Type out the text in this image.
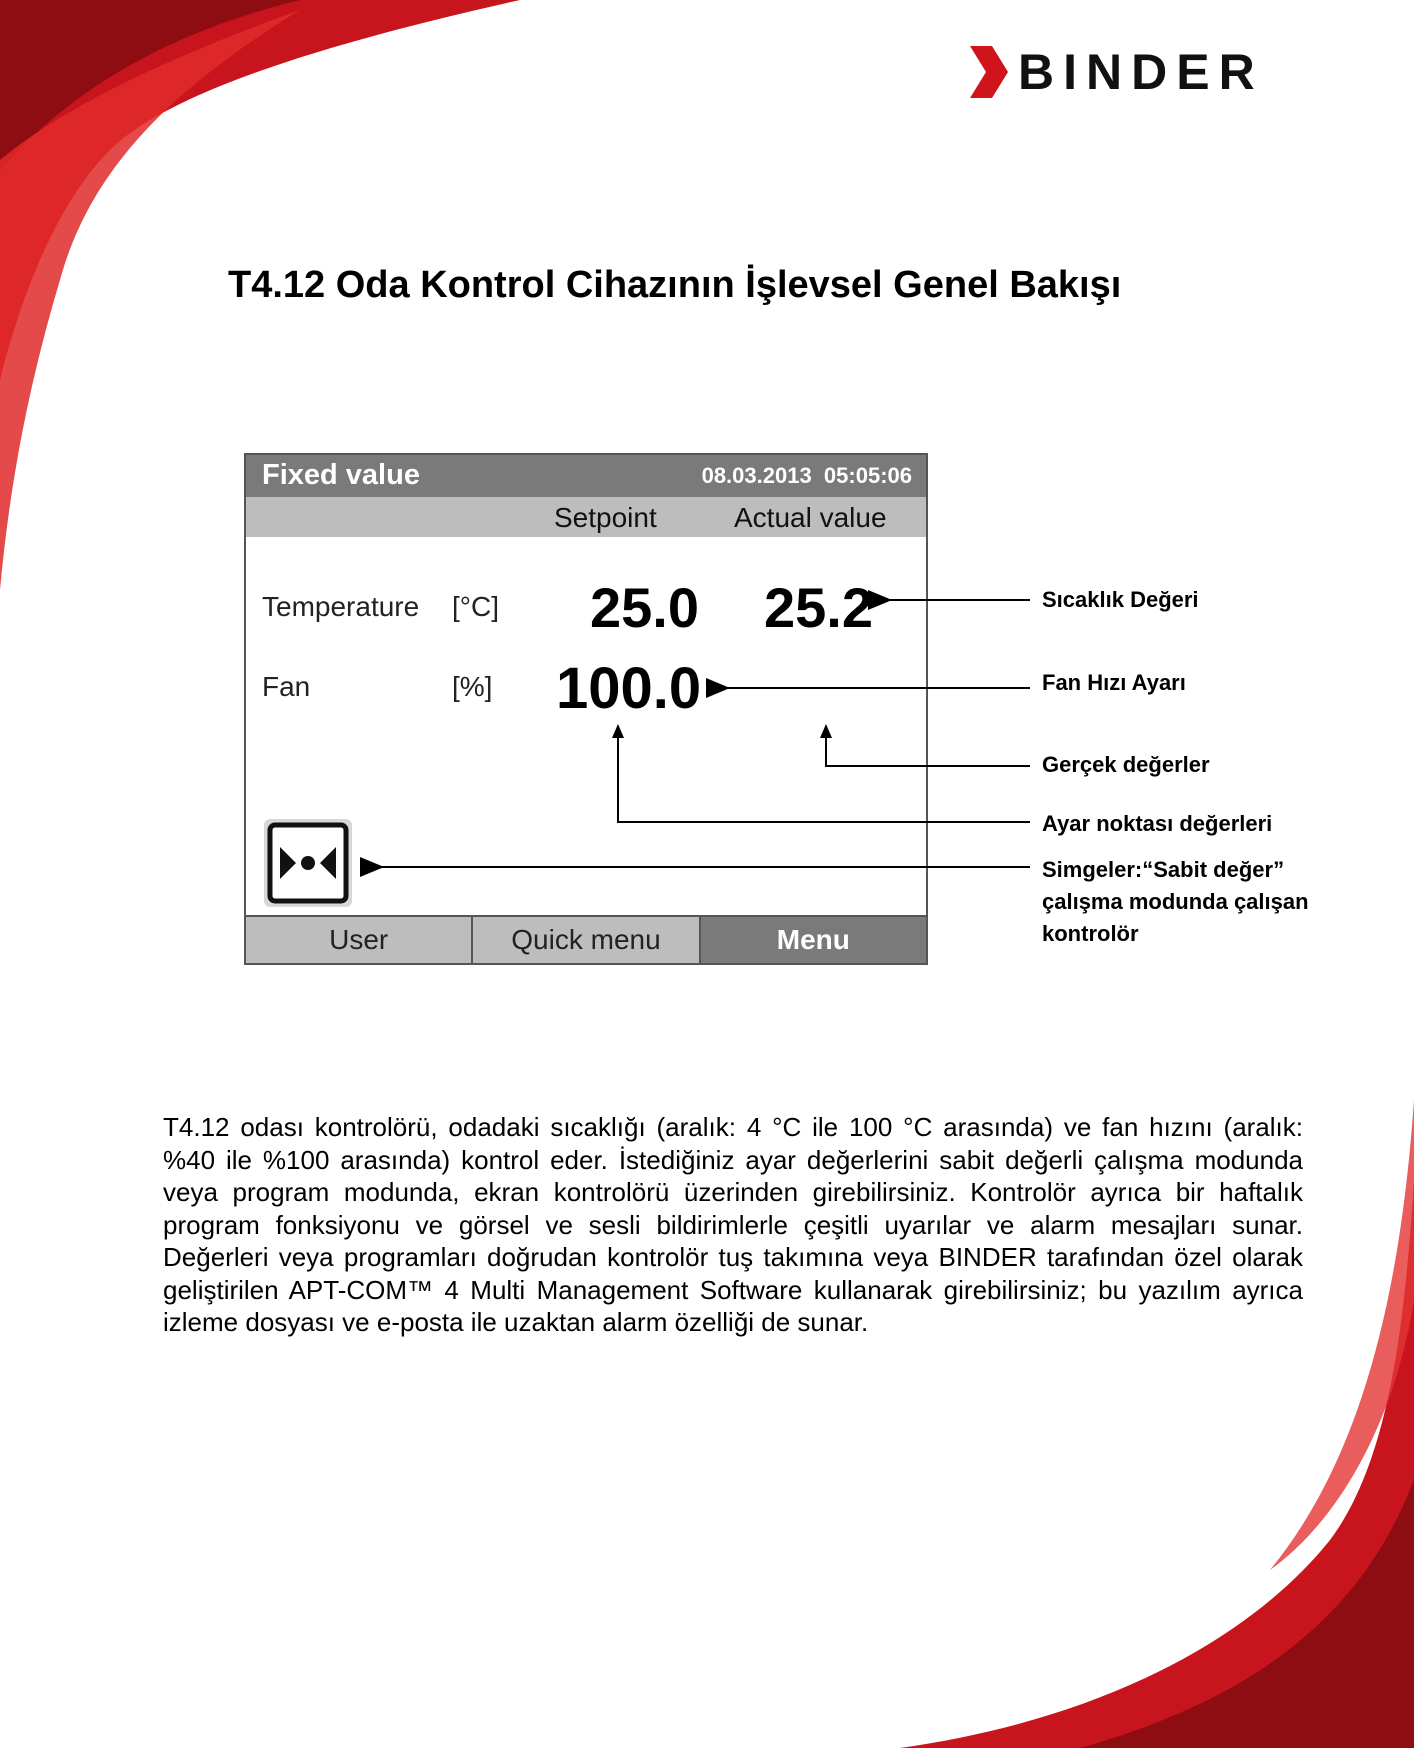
BINDER
T4.12 Oda Kontrol Cihazının İşlevsel Genel Bakışı
Fixed value	08.03.2013 05:05:06
Setpoint	Actual value
Temperature [°C] 25.0 25.2
Fan	[%] 100.0
User	Quick menu	Menu
Sıcaklık Değeri
Fan Hızı Ayarı
Gerçek değerler
Ayar noktası değerleri
Simgeler:“Sabit değer”
çalışma modunda çalışan
kontrolör

T4.12 odası kontrolörü, odadaki sıcaklığı (aralık: 4 °C ile 100 °C arasında) ve fan hızını (aralık: %40 ile %100 arasında) kontrol eder. İstediğiniz ayar değerlerini sabit değerli çalışma modunda veya program modunda, ekran kontrolörü üzerinden girebilirsiniz. Kontrolör ayrıca bir haftalık program fonksiyonu ve görsel ve sesli bildirimlerle çeşitli uyarılar ve alarm mesajları sunar. Değerleri veya programları doğrudan kontrolör tuş takımına veya BINDER tarafından özel olarak geliştirilen APT-COM™ 4 Multi Management Software kullanarak girebilirsiniz; bu yazılım ayrıca izleme dosyası ve e-posta ile uzaktan alarm özelliği de sunar.
